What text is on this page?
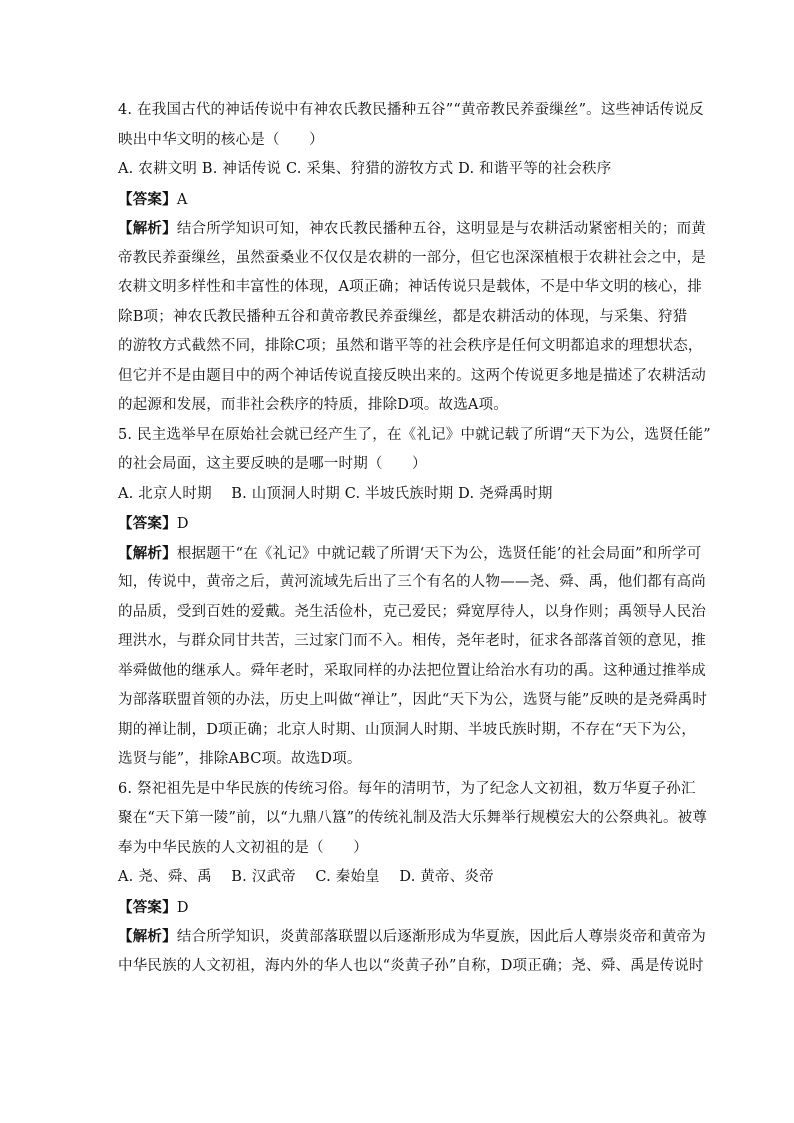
4. 在我国古代的神话传说中有神农氏教民播种五谷”“黄帝教民养蚕缫丝”。这些神话传说反
映出中华文明的核心是（　　）
A. 农耕文明 B. 神话传说 C. 采集、狩猎的游牧方式 D. 和谐平等的社会秩序
【答案】A
【解析】结合所学知识可知，神农氏教民播种五谷，这明显是与农耕活动紧密相关的；而黄
帝教民养蚕缫丝，虽然蚕桑业不仅仅是农耕的一部分，但它也深深植根于农耕社会之中，是
农耕文明多样性和丰富性的体现，A项正确；神话传说只是载体，不是中华文明的核心，排
除B项；神农氏教民播种五谷和黄帝教民养蚕缫丝，都是农耕活动的体现，与采集、狩猎
的游牧方式截然不同，排除C项；虽然和谐平等的社会秩序是任何文明都追求的理想状态，
但它并不是由题目中的两个神话传说直接反映出来的。这两个传说更多地是描述了农耕活动
的起源和发展，而非社会秩序的特质，排除D项。故选A项。
5. 民主选举早在原始社会就已经产生了，在《礼记》中就记载了所谓“天下为公，选贤任能”
的社会局面，这主要反映的是哪一时期（　　）
A. 北京人时期　 B. 山顶洞人时期 C. 半坡氏族时期 D. 尧舜禹时期
【答案】D
【解析】根据题干“在《礼记》中就记载了所谓‘天下为公，选贤任能’的社会局面”和所学可
知，传说中，黄帝之后，黄河流域先后出了三个有名的人物——尧、舜、禹，他们都有高尚
的品质，受到百姓的爱戴。尧生活俭朴，克己爱民；舜宽厚待人，以身作则；禹领导人民治
理洪水，与群众同甘共苦，三过家门而不入。相传，尧年老时，征求各部落首领的意见，推
举舜做他的继承人。舜年老时，采取同样的办法把位置让给治水有功的禹。这种通过推举成
为部落联盟首领的办法，历史上叫做“禅让”，因此“天下为公，选贤与能”反映的是尧舜禹时
期的禅让制，D项正确；北京人时期、山顶洞人时期、半坡氏族时期，不存在“天下为公，
选贤与能”，排除ABC项。故选D项。
6. 祭祀祖先是中华民族的传统习俗。每年的清明节，为了纪念人文初祖，数万华夏子孙汇
聚在“天下第一陵”前，以“九鼎八簋”的传统礼制及浩大乐舞举行规模宏大的公祭典礼。被尊
奉为中华民族的人文初祖的是（　　）
A. 尧、舜、禹　 B. 汉武帝　 C. 秦始皇　 D. 黄帝、炎帝
【答案】D
【解析】结合所学知识，炎黄部落联盟以后逐渐形成为华夏族，因此后人尊崇炎帝和黄帝为
中华民族的人文初祖，海内外的华人也以“炎黄子孙”自称，D项正确；尧、舜、禹是传说时
